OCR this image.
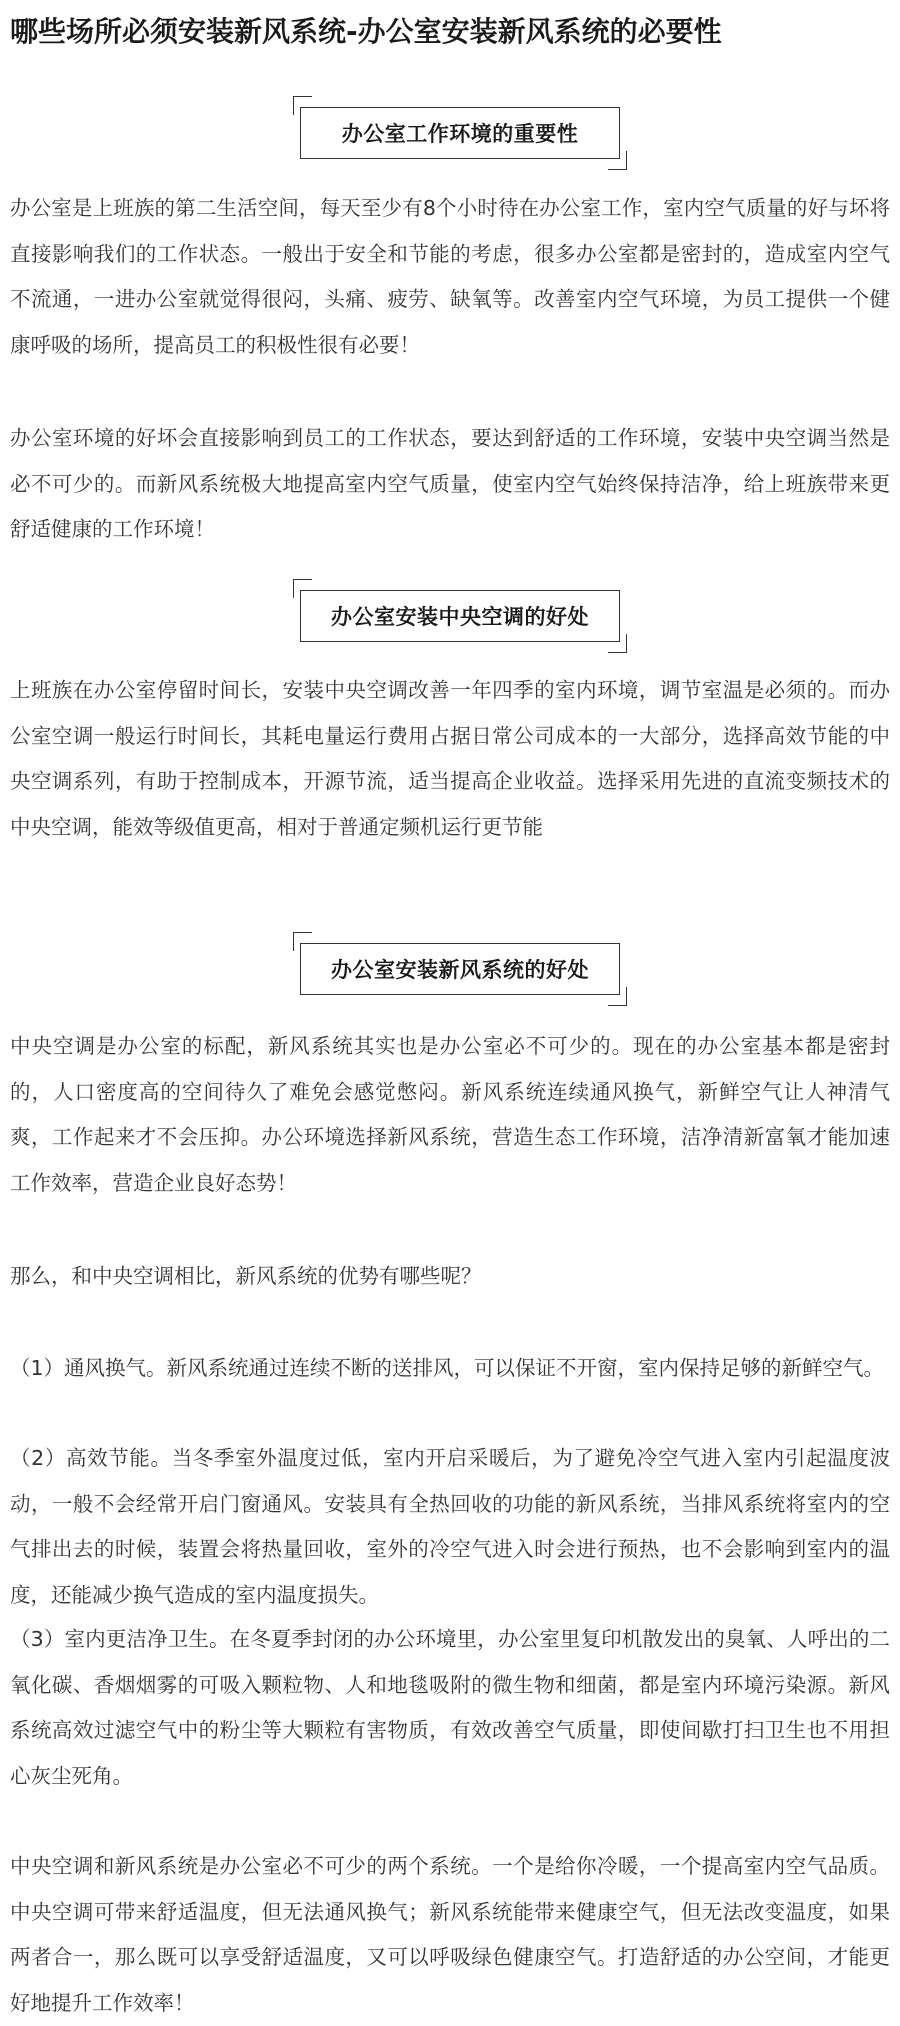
哪些场所必须安装新风系统-办公室安装新风系统的必要性
办公室工作环境的重要性

办公室是上班族的第二生活空间，每天至少有8个小时待在办公室工作，室内空气质量的好与坏将直接影响我们的工作状态。一般出于安全和节能的考虑，很多办公室都是密封的，造成室内空气不流通，一进办公室就觉得很闷，头痛、疲劳、缺氧等。改善室内空气环境，为员工提供一个健康呼吸的场所，提高员工的积极性很有必要！

办公室环境的好坏会直接影响到员工的工作状态，要达到舒适的工作环境，安装中央空调当然是必不可少的。而新风系统极大地提高室内空气质量，使室内空气始终保持洁净，给上班族带来更舒适健康的工作环境！

办公室安装中央空调的好处

上班族在办公室停留时间长，安装中央空调改善一年四季的室内环境，调节室温是必须的。而办公室空调一般运行时间长，其耗电量运行费用占据日常公司成本的一大部分，选择高效节能的中央空调系列，有助于控制成本，开源节流，适当提高企业收益。选择采用先进的直流变频技术的中央空调，能效等级值更高，相对于普通定频机运行更节能

办公室安装新风系统的好处

中央空调是办公室的标配，新风系统其实也是办公室必不可少的。现在的办公室基本都是密封的，人口密度高的空间待久了难免会感觉憋闷。新风系统连续通风换气，新鲜空气让人神清气爽，工作起来才不会压抑。办公环境选择新风系统，营造生态工作环境，洁净清新富氧才能加速工作效率，营造企业良好态势！

那么，和中央空调相比，新风系统的优势有哪些呢？

（1）通风换气。新风系统通过连续不断的送排风，可以保证不开窗，室内保持足够的新鲜空气。

（2）高效节能。当冬季室外温度过低，室内开启采暖后，为了避免冷空气进入室内引起温度波动，一般不会经常开启门窗通风。安装具有全热回收的功能的新风系统，当排风系统将室内的空气排出去的时候，装置会将热量回收，室外的冷空气进入时会进行预热，也不会影响到室内的温度，还能减少换气造成的室内温度损失。

（3）室内更洁净卫生。在冬夏季封闭的办公环境里，办公室里复印机散发出的臭氧、人呼出的二氧化碳、香烟烟雾的可吸入颗粒物、人和地毯吸附的微生物和细菌，都是室内环境污染源。新风系统高效过滤空气中的粉尘等大颗粒有害物质，有效改善空气质量，即使间歇打扫卫生也不用担心灰尘死角。

中央空调和新风系统是办公室必不可少的两个系统。一个是给你冷暖，一个提高室内空气品质。中央空调可带来舒适温度，但无法通风换气；新风系统能带来健康空气，但无法改变温度，如果两者合一，那么既可以享受舒适温度，又可以呼吸绿色健康空气。打造舒适的办公空间，才能更好地提升工作效率！
